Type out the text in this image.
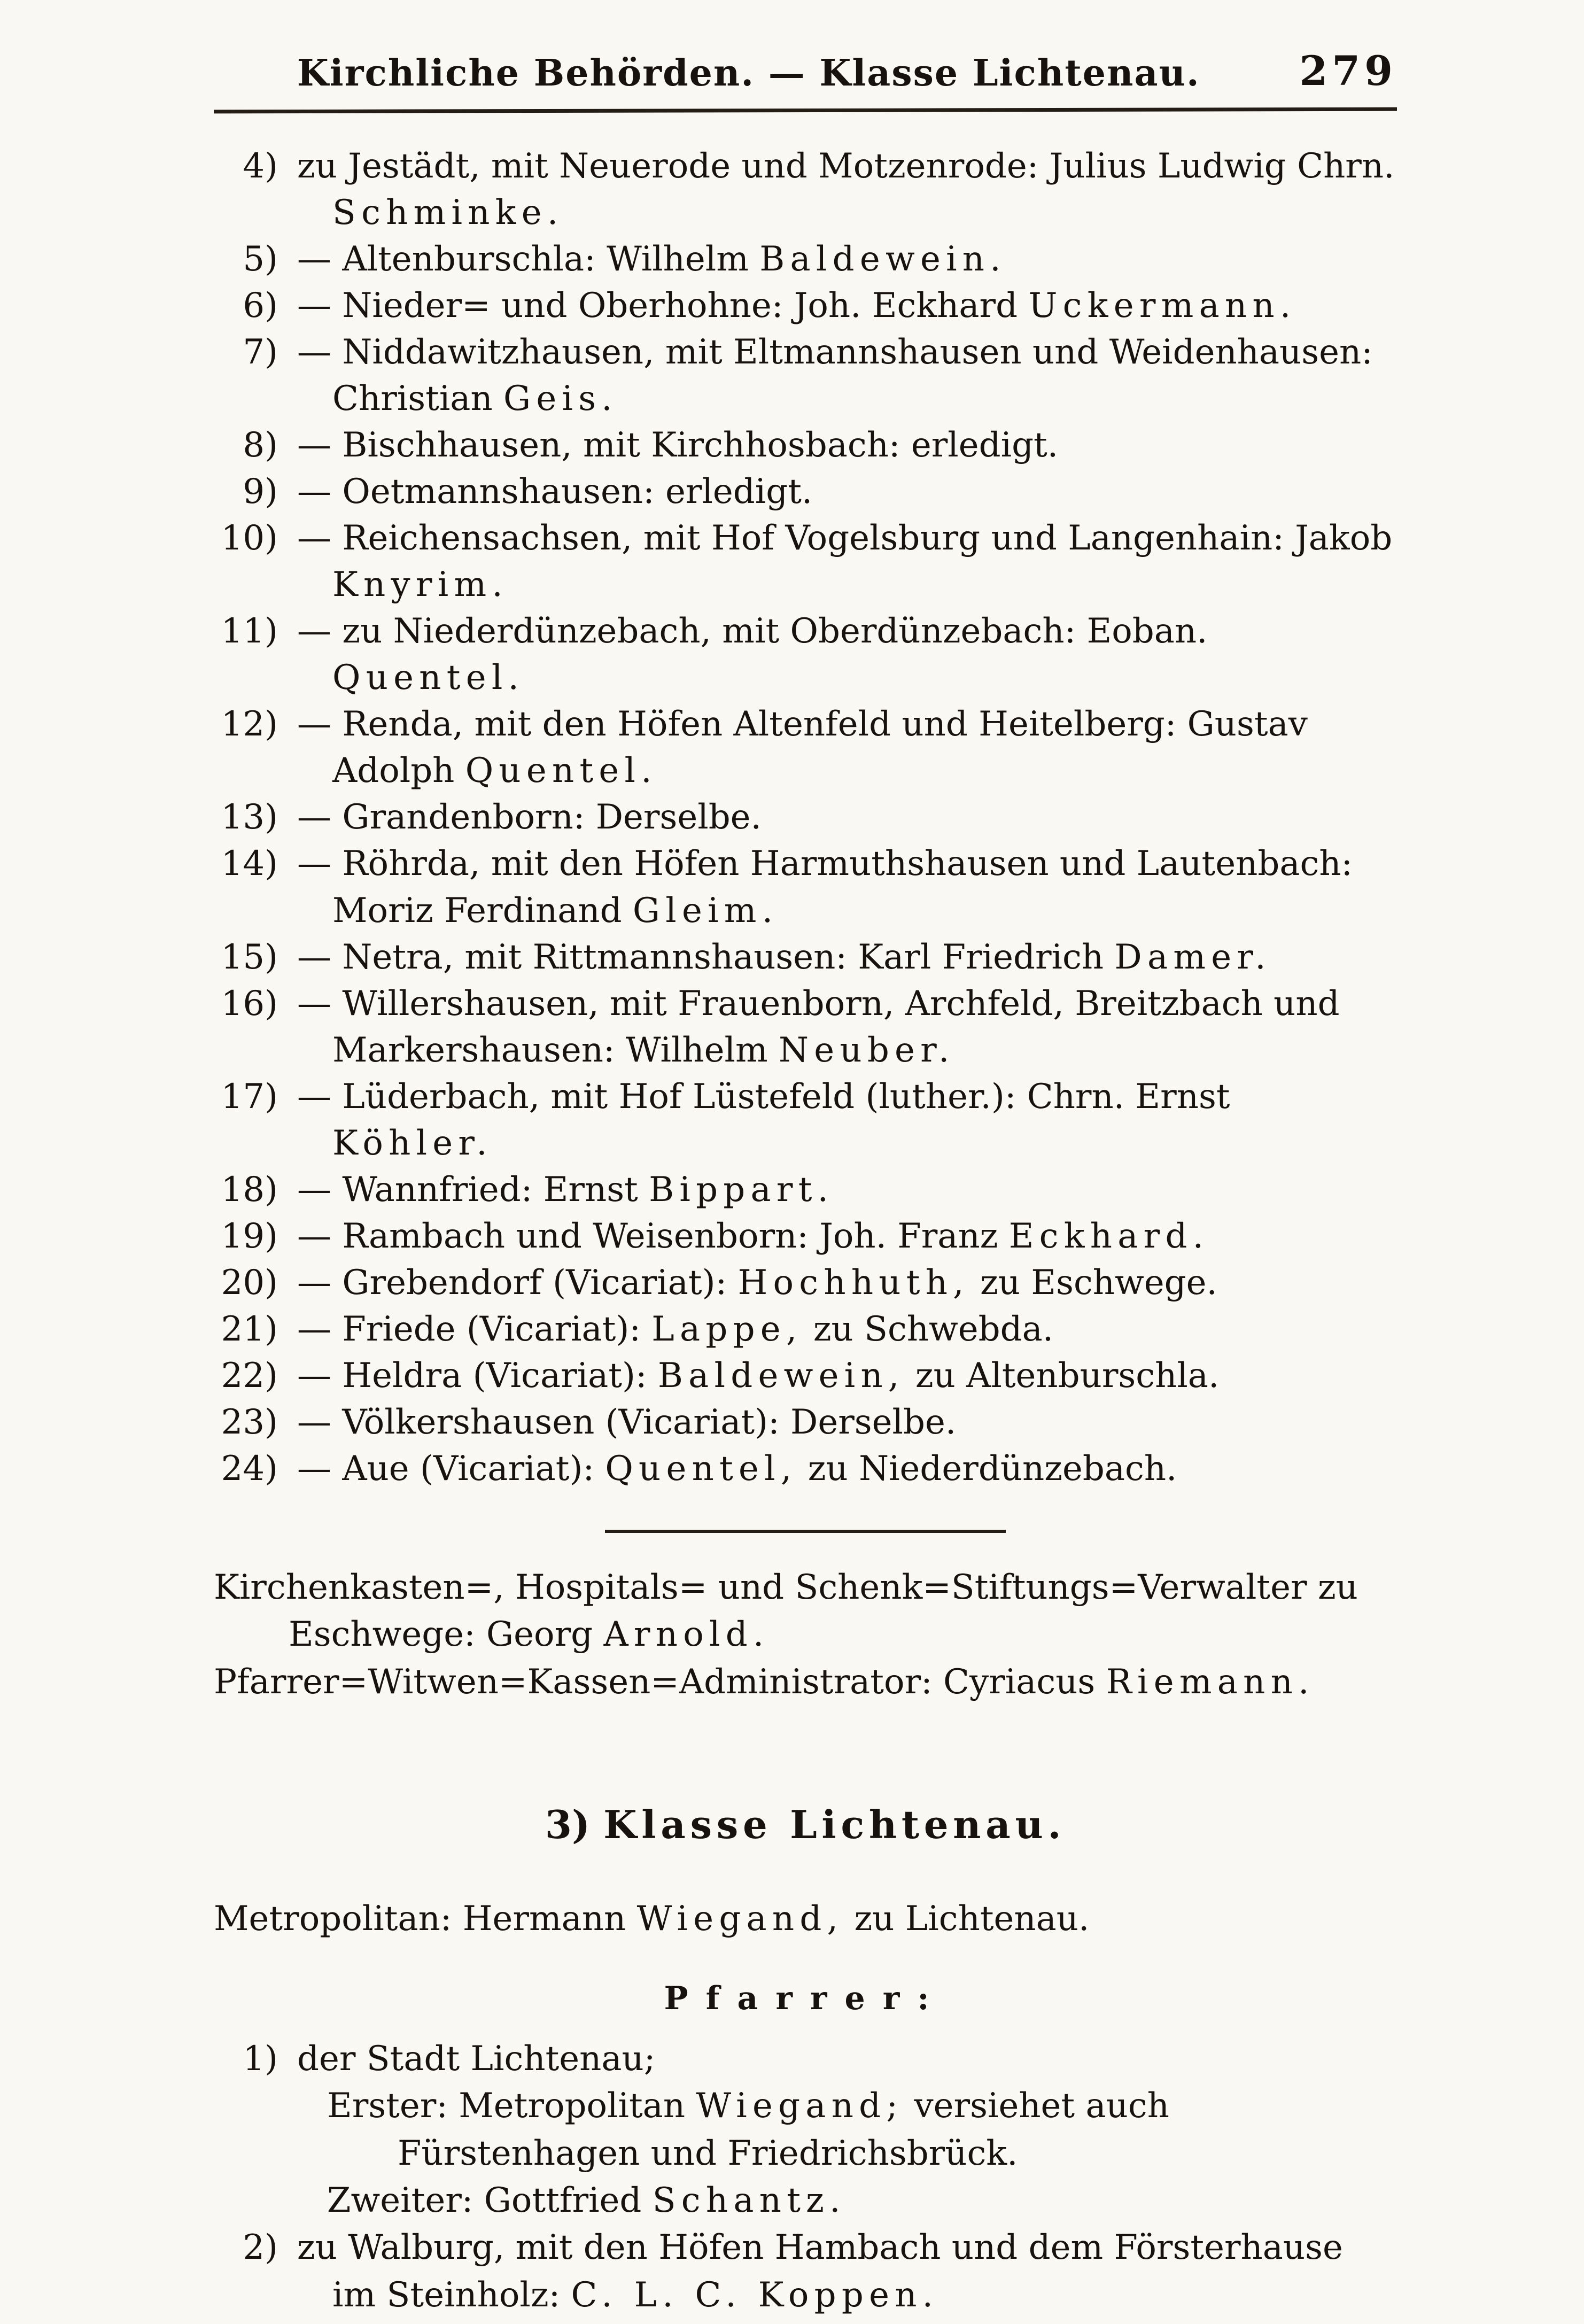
Kirchliche Behörden. — Klasse Lichtenau.	279
4) zu Jestädt, mit Neuerode und Motzenrode: Julius Ludwig Chrn. Schminke.
5) — Altenburschla: Wilhelm Baldewein.
6) — Nieder= und Oberhohne: Joh. Eckhard Uckermann.
7) — Niddawitzhausen, mit Eltmannshausen und Weidenhausen: Christian Geis.
8) — Bischhausen, mit Kirchhosbach: erledigt.
9) — Oetmannshausen: erledigt.
10) — Reichensachsen, mit Hof Vogelsburg und Langenhain: Jakob Knyrim.
11) — zu Niederdünzebach, mit Oberdünzebach: Eoban. Quentel.
12) — Renda, mit den Höfen Altenfeld und Heitelberg: Gustav Adolph Quentel.
13) — Grandenborn: Derselbe.
14) — Röhrda, mit den Höfen Harmuthshausen und Lautenbach: Moriz Ferdinand Gleim.
15) — Netra, mit Rittmannshausen: Karl Friedrich Damer.
16) — Willershausen, mit Frauenborn, Archfeld, Breitzbach und Markershausen: Wilhelm Neuber.
17) — Lüderbach, mit Hof Lüstefeld (luther.): Chrn. Ernst Köhler.
18) — Wannfried: Ernst Bippart.
19) — Rambach und Weisenborn: Joh. Franz Eckhard.
20) — Grebendorf (Vicariat): Hochhuth, zu Eschwege.
21) — Friede (Vicariat): Lappe, zu Schwebda.
22) — Heldra (Vicariat): Baldewein, zu Altenburschla.
23) — Völkershausen (Vicariat): Derselbe.
24) — Aue (Vicariat): Quentel, zu Niederdünzebach.
Kirchenkasten=, Hospitals= und Schenk=Stiftungs=Verwalter zu Eschwege: Georg Arnold.
Pfarrer=Witwen=Kassen=Administrator: Cyriacus Riemann.
3) Klasse Lichtenau.
Metropolitan: Hermann Wiegand, zu Lichtenau.
Pfarrer:
1) der Stadt Lichtenau;
Erster: Metropolitan Wiegand; versiehet auch Fürstenhagen und Friedrichsbrück.
Zweiter: Gottfried Schantz.
2) zu Walburg, mit den Höfen Hambach und dem Försterhause im Steinholz: C. L. C. Koppen.
